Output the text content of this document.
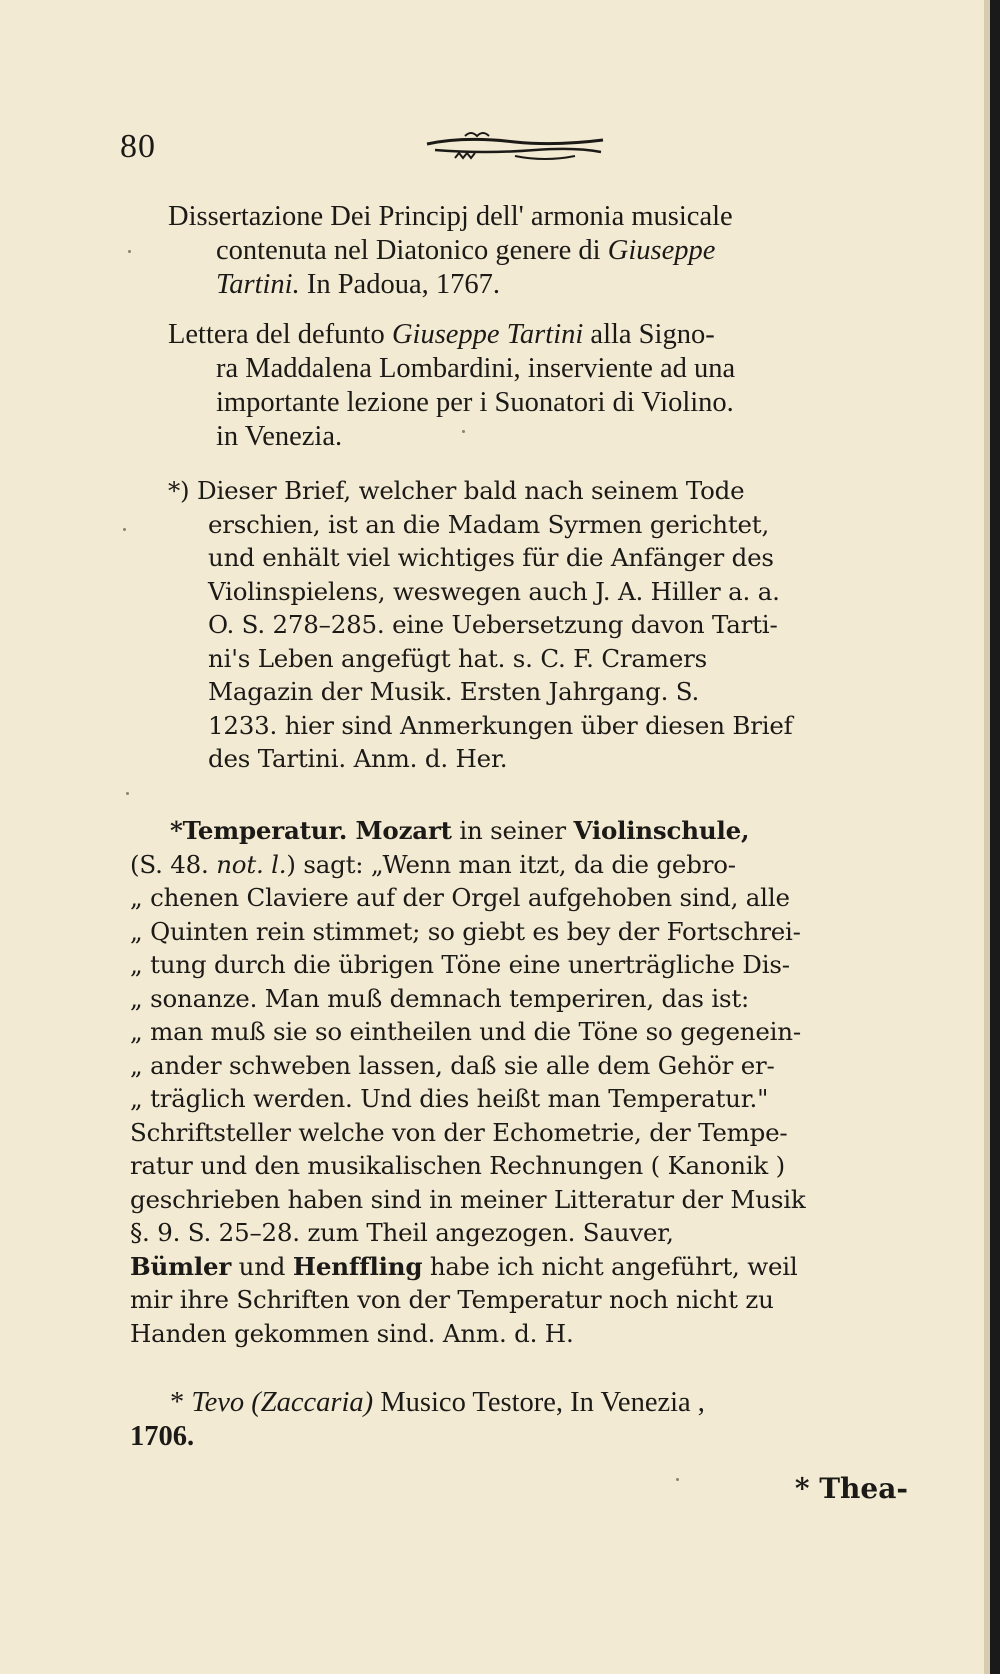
80
Dissertazione Dei Principj dell' armonia musicale
contenuta nel Diatonico genere di Giuseppe
Tartini. In Padoua, 1767.
Lettera del defunto Giuseppe Tartini alla Signo-
ra Maddalena Lombardini, inserviente ad una
importante lezione per i Suonatori di Violino.
in Venezia.
*) Dieser Brief, welcher bald nach seinem Tode
erschien, ist an die Madam Syrmen gerichtet,
und enhält viel wichtiges für die Anfänger des
Violinspielens, weswegen auch J. A. Hiller a. a.
O. S. 278–285. eine Uebersetzung davon Tarti-
ni's Leben angefügt hat. s. C. F. Cramers
Magazin der Musik. Ersten Jahrgang. S.
1233. hier sind Anmerkungen über diesen Brief
des Tartini. Anm. d. Her.
*Temperatur. Mozart in seiner Violinschule,
(S. 48. not. l.) sagt: „Wenn man itzt, da die gebro-
„ chenen Claviere auf der Orgel aufgehoben sind, alle
„ Quinten rein stimmet; so giebt es bey der Fortschrei-
„ tung durch die übrigen Töne eine unerträgliche Dis-
„ sonanze. Man muß demnach temperiren, das ist:
„ man muß sie so eintheilen und die Töne so gegenein-
„ ander schweben lassen, daß sie alle dem Gehör er-
„ träglich werden. Und dies heißt man Temperatur."
Schriftsteller welche von der Echometrie, der Tempe-
ratur und den musikalischen Rechnungen ( Kanonik )
geschrieben haben sind in meiner Litteratur der Musik
§. 9. S. 25–28. zum Theil angezogen. Sauver,
Bümler und Henffling habe ich nicht angeführt, weil
mir ihre Schriften von der Temperatur noch nicht zu
Handen gekommen sind. Anm. d. H.
* Tevo (Zaccaria) Musico Testore, In Venezia ,
1706.
* Thea-
